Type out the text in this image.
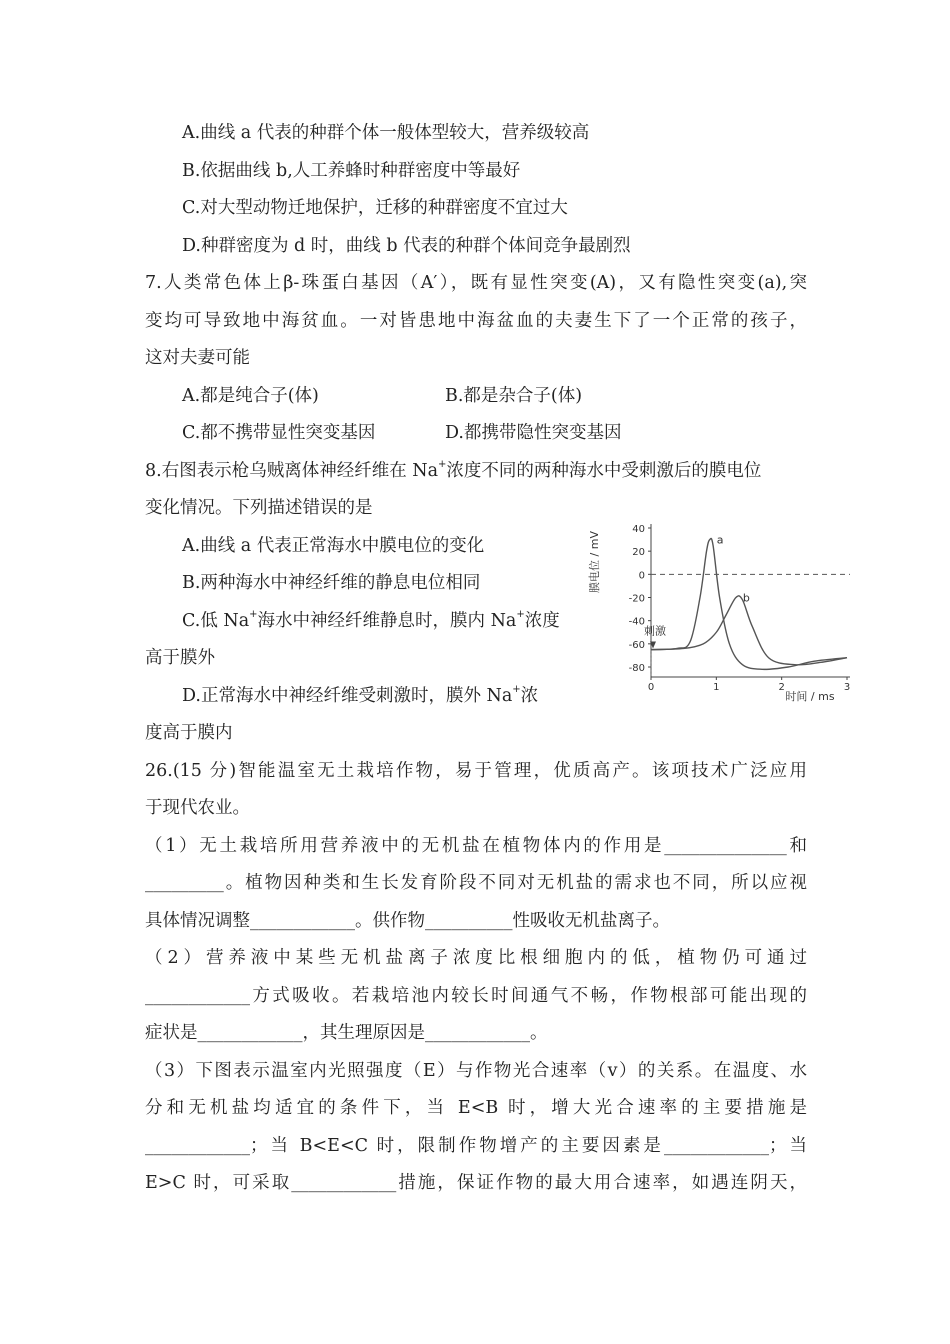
A.曲线 a 代表的种群个体一般体型较大，营养级较高
B.依据曲线 b,人工养蜂时种群密度中等最好
C.对大型动物迁地保护，迁移的种群密度不宜过大
D.种群密度为 d 时，曲线 b 代表的种群个体间竞争最剧烈
7.人类常色体上β-珠蛋白基因（A′），既有显性突变(A)，又有隐性突变(a),突
变均可导致地中海贫血。一对皆患地中海盆血的夫妻生下了一个正常的孩子，
这对夫妻可能
A.都是纯合子(体)	B.都是杂合子(体)
C.都不携带显性突变基因	D.都携带隐性突变基因
8.右图表示枪乌贼离体神经纤维在 Na+浓度不同的两种海水中受刺激后的膜电位
变化情况。下列描述错误的是
A.曲线 a 代表正常海水中膜电位的变化
B.两种海水中神经纤维的静息电位相同
C.低 Na+海水中神经纤维静息时，膜内 Na+浓度
高于膜外
D.正常海水中神经纤维受刺激时，膜外 Na+浓
度高于膜内
26.(15 分)智能温室无土栽培作物，易于管理，优质高产。该项技术广泛应用
于现代农业。
（1）无土栽培所用营养液中的无机盐在植物体内的作用是______________和
_________。植物因种类和生长发育阶段不同对无机盐的需求也不同，所以应视
具体情况调整____________。供作物__________性吸收无机盐离子。
（2）营养液中某些无机盐离子浓度比根细胞内的低，植物仍可通过
____________方式吸收。若栽培池内较长时间通气不畅，作物根部可能出现的
症状是____________，其生理原因是____________。
（3）下图表示温室内光照强度（E）与作物光合速率（v）的关系。在温度、水
分和无机盐均适宜的条件下，当 E<B 时，增大光合速率的主要措施是
____________；当 B<E<C 时，限制作物增产的主要因素是____________；当
E>C 时，可采取____________措施，保证作物的最大用合速率，如遇连阴天，
膜电位 / mV
40
20
0
-20
-40
-60
-80
0	1	2	3
刺激
a
b
时间 / ms
